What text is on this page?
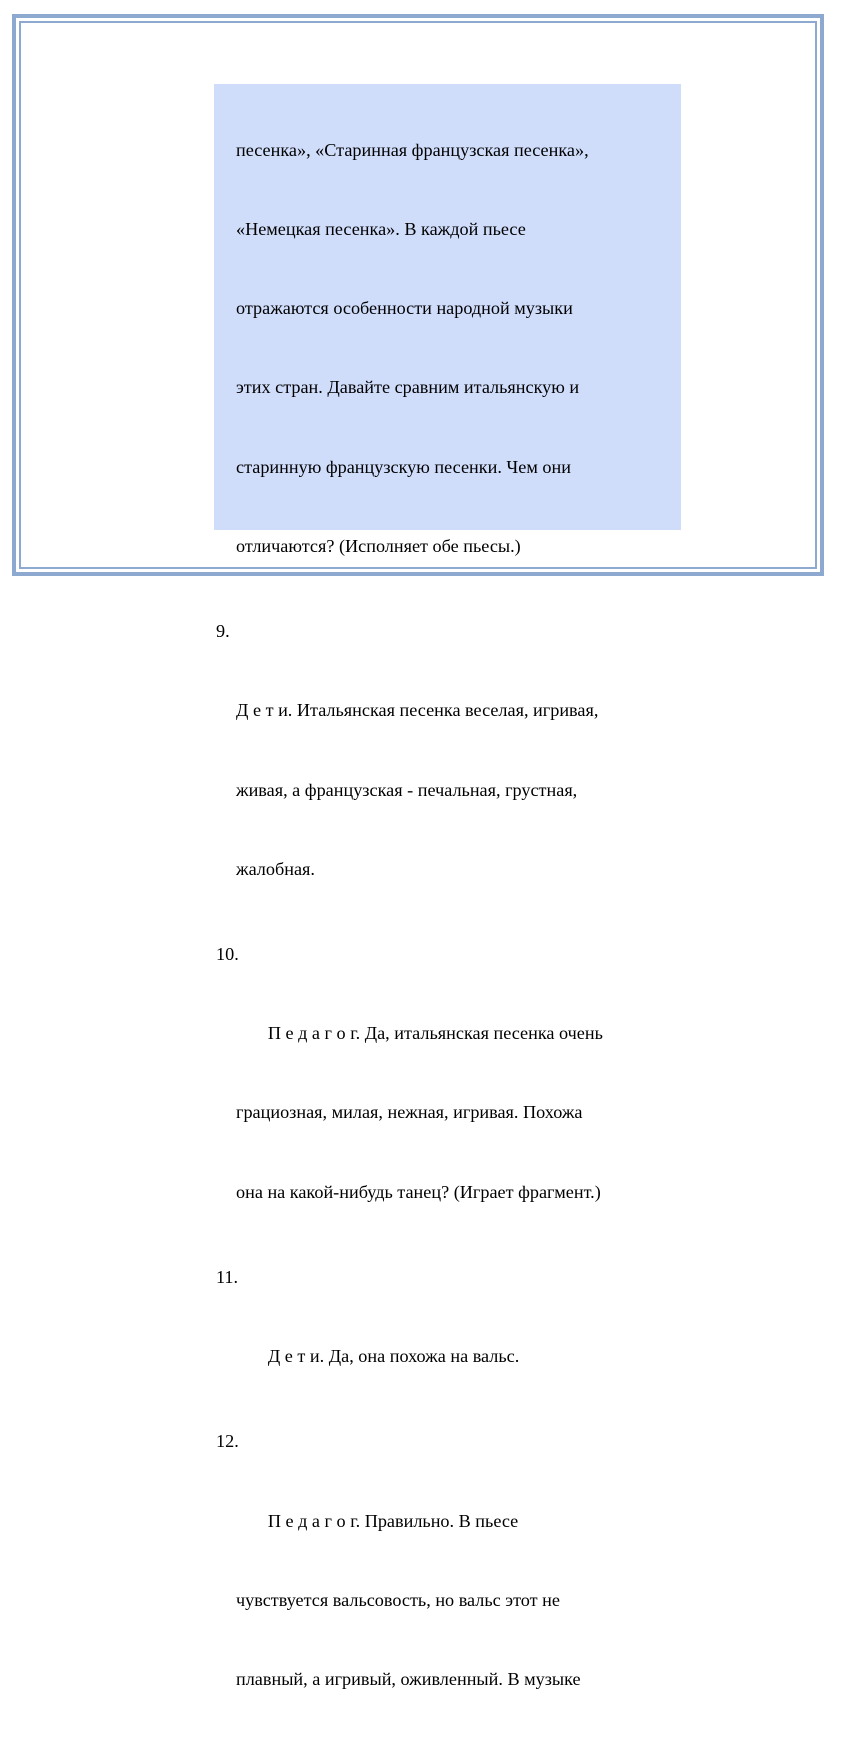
песенка», «Старинная французская песенка»,

«Немецкая песенка». В каждой пьесе

отражаются особенности народной музыки

этих стран. Давайте сравним итальянскую и

старинную французскую песенки. Чем они

отличаются? (Исполняет обе пьесы.)

9.

Д е т и. Итальянская песенка веселая, игривая,

живая, а французская - печальная, грустная,

жалобная.

10.

П е д а г о г. Да, итальянская песенка очень

грациозная, милая, нежная, игривая. Похожа

она на какой-нибудь танец? (Играет фрагмент.)

11.

Д е т и. Да, она похожа на вальс.

12.

П е д а г о г. Правильно. В пьесе

чувствуется вальсовость, но вальс этот не

плавный, а игривый, оживленный. В музыке
